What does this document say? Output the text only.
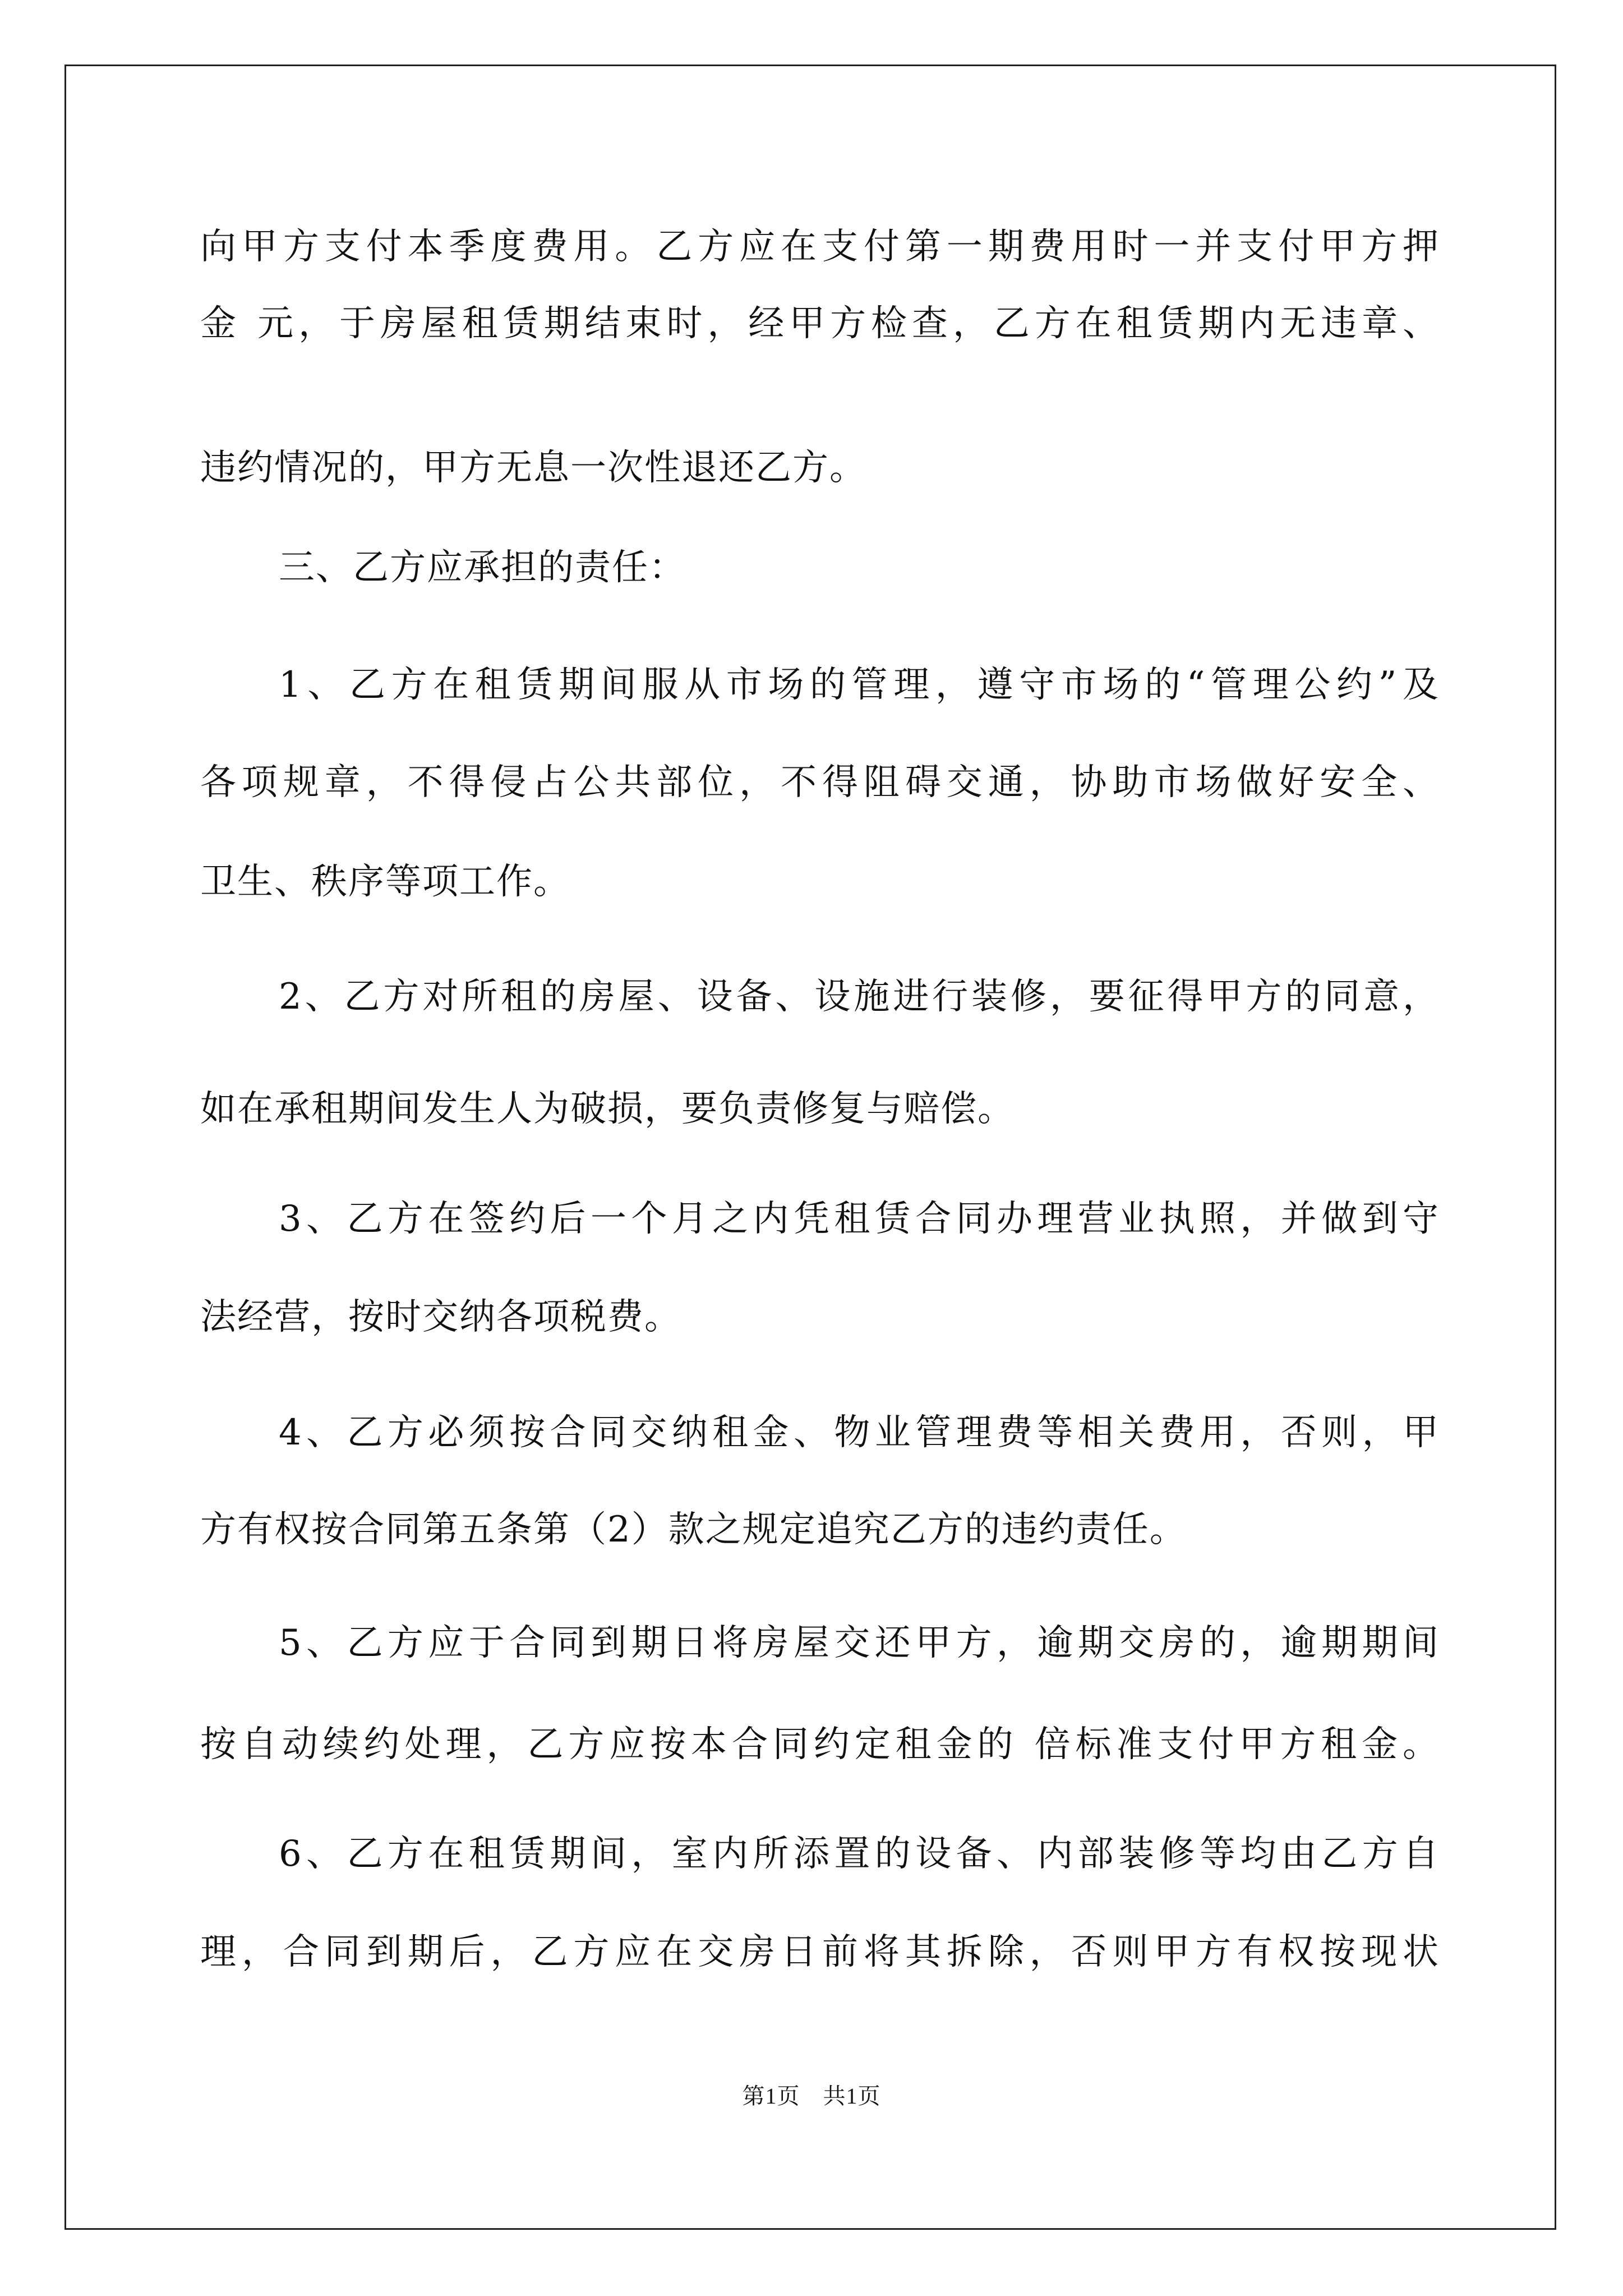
向甲方支付本季度费用。乙方应在支付第一期费用时一并支付甲方押
金 元，于房屋租赁期结束时，经甲方检查，乙方在租赁期内无违章、
违约情况的，甲方无息一次性退还乙方。
三、乙方应承担的责任：
1、乙方在租赁期间服从市场的管理，遵守市场的“管理公约”及
各项规章，不得侵占公共部位，不得阻碍交通，协助市场做好安全、
卫生、秩序等项工作。
2、乙方对所租的房屋、设备、设施进行装修，要征得甲方的同意，
如在承租期间发生人为破损，要负责修复与赔偿。
3、乙方在签约后一个月之内凭租赁合同办理营业执照，并做到守
法经营，按时交纳各项税费。
4、乙方必须按合同交纳租金、物业管理费等相关费用，否则，甲
方有权按合同第五条第（2）款之规定追究乙方的违约责任。
5、乙方应于合同到期日将房屋交还甲方，逾期交房的，逾期期间
按自动续约处理，乙方应按本合同约定租金的 倍标准支付甲方租金。
6、乙方在租赁期间，室内所添置的设备、内部装修等均由乙方自
理，合同到期后，乙方应在交房日前将其拆除，否则甲方有权按现状
第1页　共1页
